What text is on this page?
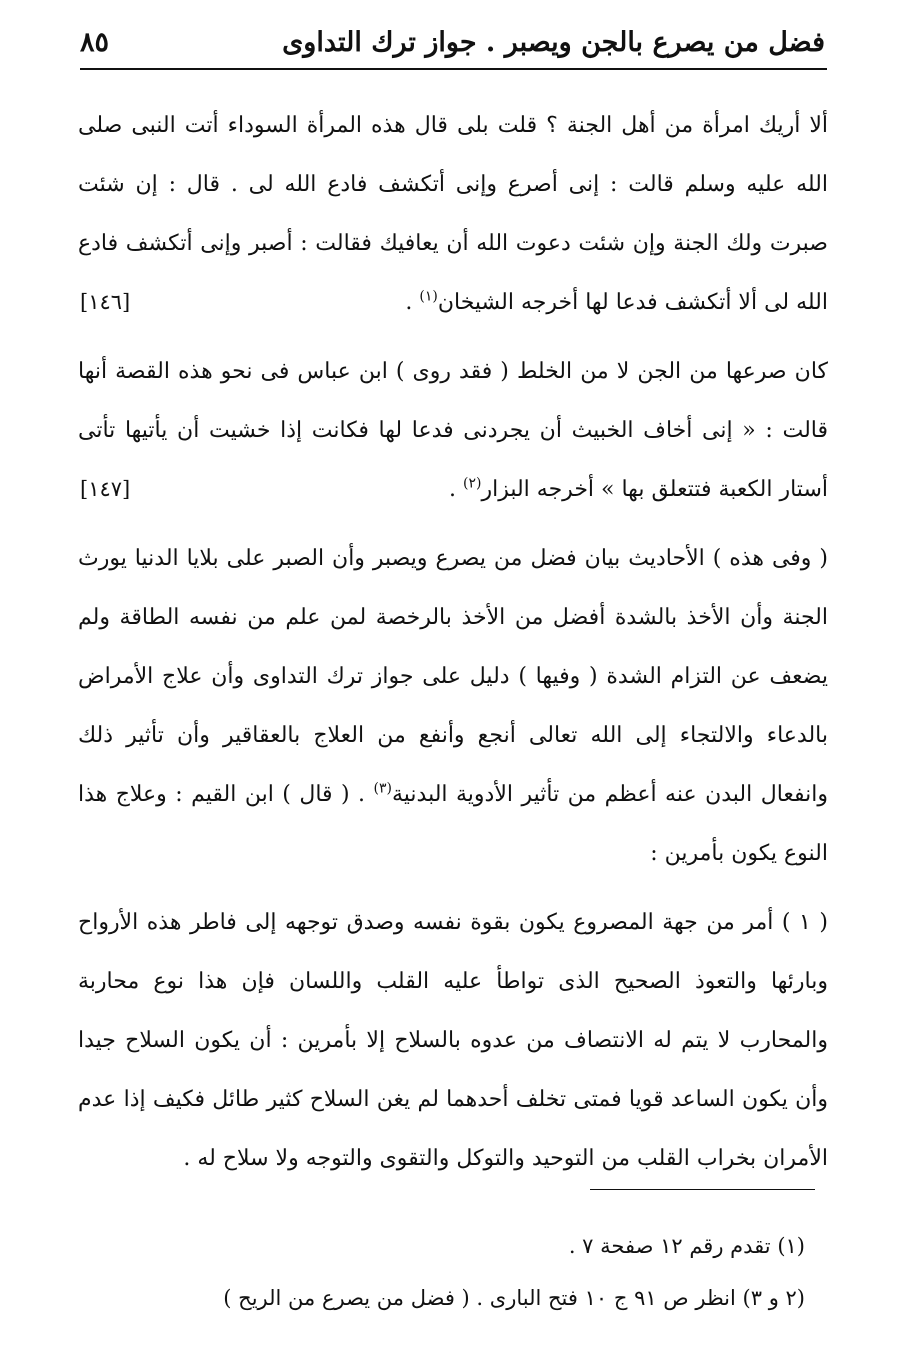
فضل من يصرع بالجن ويصبر . جواز ترك التداوى
٨٥

ألا أريك امرأة من أهل الجنة ؟ قلت بلى قال هذه المرأة السوداء أتت النبى صلى الله عليه وسلم قالت : إنى أصرع وإنى أتكشف فادع الله لى . قال : إن شئت صبرت ولك الجنة وإن شئت دعوت الله أن يعافيك فقالت : أصبر وإنى أتكشف فادع الله لى ألا أتكشف فدعا لها أخرجه الشيخان$^{(١)}$ .
[١٤٦]

كان صرعها من الجن لا من الخلط ( فقد روى ) ابن عباس فى نحو هذه القصة أنها قالت : « إنى أخاف الخبيث أن يجردنى فدعا لها فكانت إذا خشيت أن يأتيها تأتى أستار الكعبة فتتعلق بها » أخرجه البزار$^{(٢)}$ .
[١٤٧]

( وفى هذه ) الأحاديث بيان فضل من يصرع ويصبر وأن الصبر على بلايا الدنيا يورث الجنة وأن الأخذ بالشدة أفضل من الأخذ بالرخصة لمن علم من نفسه الطاقة ولم يضعف عن التزام الشدة ( وفيها ) دليل على جواز ترك التداوى وأن علاج الأمراض بالدعاء والالتجاء إلى الله تعالى أنجع وأنفع من العلاج بالعقاقير وأن تأثير ذلك وانفعال البدن عنه أعظم من تأثير الأدوية البدنية$^{(٣)}$ . ( قال ) ابن القيم : وعلاج هذا النوع يكون بأمرين :

( ١ ) أمر من جهة المصروع يكون بقوة نفسه وصدق توجهه إلى فاطر هذه الأرواح وبارئها والتعوذ الصحيح الذى تواطأ عليه القلب واللسان فإن هذا نوع محاربة والمحارب لا يتم له الانتصاف من عدوه بالسلاح إلا بأمرين : أن يكون السلاح جيدا وأن يكون الساعد قويا فمتى تخلف أحدهما لم يغن السلاح كثير طائل فكيف إذا عدم الأمران بخراب القلب من التوحيد والتوكل والتقوى والتوجه ولا سلاح له .

(١) تقدم رقم ١٢ صفحة ٧ .

(٢ و ٣) انظر ص ٩١ ج ١٠ فتح البارى . ( فضل من يصرع من الريح )
